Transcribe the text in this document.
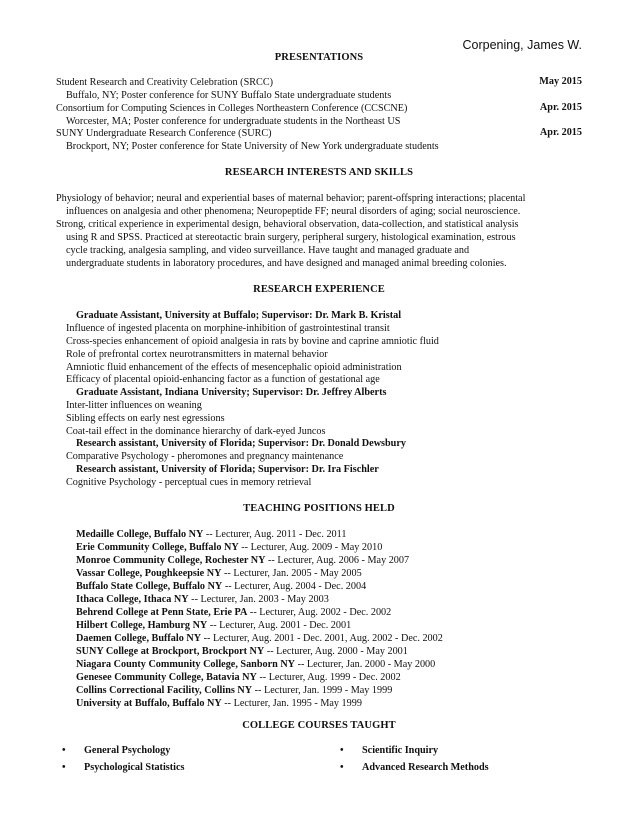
Corpening, James W.
PRESENTATIONS
Student Research and Creativity Celebration (SRCC)	May 2015
Buffalo, NY; Poster conference for SUNY Buffalo State undergraduate students
Consortium for Computing Sciences in Colleges Northeastern Conference (CCSCNE)	Apr. 2015
Worcester, MA; Poster conference for undergraduate students in the Northeast US
SUNY Undergraduate Research Conference (SURC)	Apr. 2015
Brockport, NY; Poster conference for State University of New York undergraduate students
RESEARCH INTERESTS AND SKILLS
Physiology of behavior; neural and experiential bases of maternal behavior; parent-offspring interactions; placental
influences on analgesia and other phenomena; Neuropeptide FF; neural disorders of aging; social neuroscience.
Strong, critical experience in experimental design, behavioral observation, data-collection, and statistical analysis
using R and SPSS. Practiced at stereotactic brain surgery, peripheral surgery, histological examination, estrous
cycle tracking, analgesia sampling, and video surveillance. Have taught and managed graduate and
undergraduate students in laboratory procedures, and have designed and managed animal breeding colonies.
RESEARCH EXPERIENCE
Graduate Assistant, University at Buffalo; Supervisor: Dr. Mark B. Kristal
Influence of ingested placenta on morphine-inhibition of gastrointestinal transit
Cross-species enhancement of opioid analgesia in rats by bovine and caprine amniotic fluid
Role of prefrontal cortex neurotransmitters in maternal behavior
Amniotic fluid enhancement of the effects of mesencephalic opioid administration
Efficacy of placental opioid-enhancing factor as a function of gestational age
Graduate Assistant, Indiana University; Supervisor: Dr. Jeffrey Alberts
Inter-litter influences on weaning
Sibling effects on early nest egressions
Coat-tail effect in the dominance hierarchy of dark-eyed Juncos
Research assistant, University of Florida; Supervisor: Dr. Donald Dewsbury
Comparative Psychology - pheromones and pregnancy maintenance
Research assistant, University of Florida; Supervisor: Dr. Ira Fischler
Cognitive Psychology - perceptual cues in memory retrieval
TEACHING POSITIONS HELD
Medaille College, Buffalo NY -- Lecturer, Aug. 2011 - Dec. 2011
Erie Community College, Buffalo NY -- Lecturer, Aug. 2009 - May 2010
Monroe Community College, Rochester NY -- Lecturer, Aug. 2006 - May 2007
Vassar College, Poughkeepsie NY -- Lecturer, Jan. 2005 - May 2005
Buffalo State College, Buffalo NY -- Lecturer, Aug. 2004 - Dec. 2004
Ithaca College, Ithaca NY -- Lecturer, Jan. 2003 - May 2003
Behrend College at Penn State, Erie PA -- Lecturer, Aug. 2002 - Dec. 2002
Hilbert College, Hamburg NY -- Lecturer, Aug. 2001 - Dec. 2001
Daemen College, Buffalo NY -- Lecturer, Aug. 2001 - Dec. 2001, Aug. 2002 - Dec. 2002
SUNY College at Brockport, Brockport NY -- Lecturer, Aug. 2000 - May 2001
Niagara County Community College, Sanborn NY -- Lecturer, Jan. 2000 - May 2000
Genesee Community College, Batavia NY -- Lecturer, Aug. 1999 - Dec. 2002
Collins Correctional Facility, Collins NY -- Lecturer, Jan. 1999 - May 1999
University at Buffalo, Buffalo NY -- Lecturer, Jan. 1995 - May 1999
COLLEGE COURSES TAUGHT
• General Psychology
• Psychological Statistics
• Scientific Inquiry
• Advanced Research Methods
